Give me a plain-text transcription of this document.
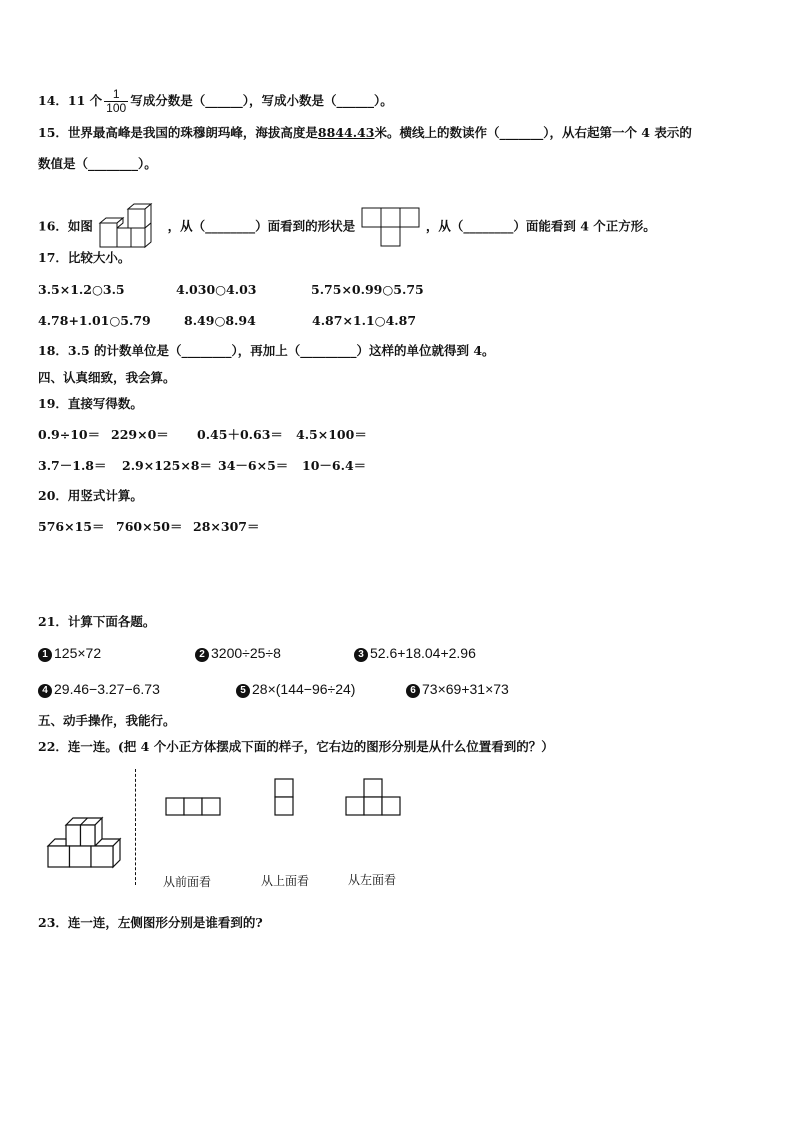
14．11 个 $\frac{1}{100}$ 写成分数是（______），写成小数是（______）。
15．世界最高峰是我国的珠穆朗玛峰，海拔高度是8844.43米。横线上的数读作（_______），从右起第一个 4 表示的
数值是（________）。
16．如图	，从（________）面看到的形状是	，从（________）面能看到 4 个正方形。
17．比较大小。
3.5×1.2○3.5	4.030○4.03	5.75×0.99○5.75
4.78+1.01○5.79	8.49○8.94	4.87×1.1○4.87
18．3.5 的计数单位是（________），再加上（_________）这样的单位就得到 4。
四、认真细致，我会算。
19．直接写得数。
0.9÷10＝ 229×0＝ 0.45＋0.63＝ 4.5×100＝
3.7－1.8＝ 2.9×125×8＝ 34－6×5＝ 10－6.4＝
20．用竖式计算。
576×15＝ 760×50＝ 28×307＝
21．计算下面各题。
1 125×72	2 3200÷25÷8	3 52.6+18.04+2.96
4 29.46−3.27−6.73	5 28×(144−96÷24)	6 73×69+31×73
五、动手操作，我能行。
22．连一连。(把 4 个小正方体摆成下面的样子，它右边的图形分别是从什么位置看到的？）
从前面看	从上面看	从左面看
23．连一连，左侧图形分别是谁看到的?
